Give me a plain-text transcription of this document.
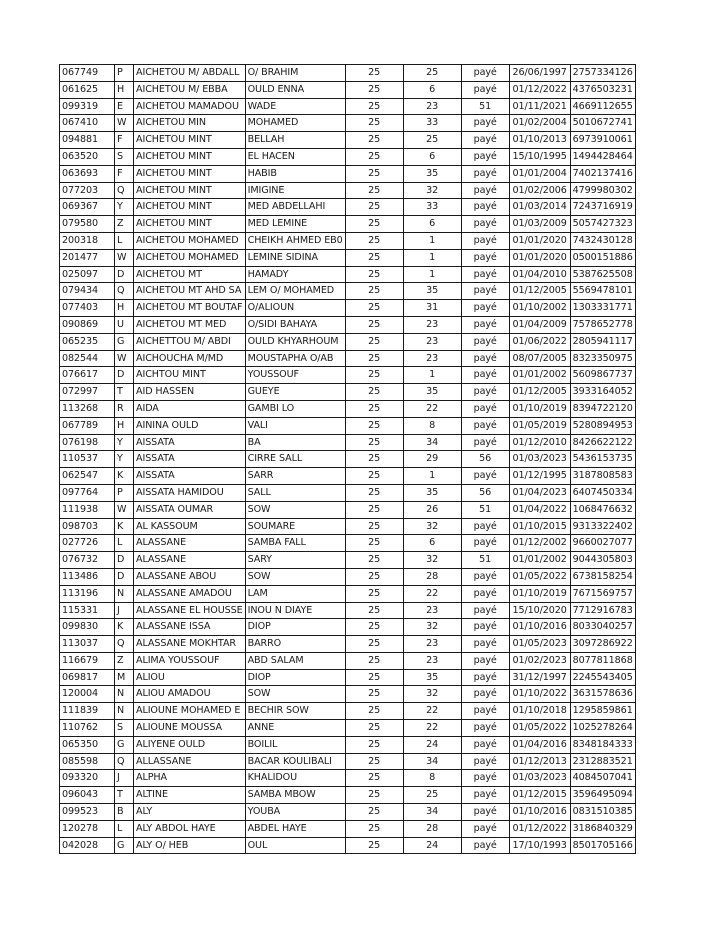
067749	P	AICHETOU M/ ABDALL	O/ BRAHIM	25	25	payé	26/06/1997	2757334126
061625	H	AICHETOU M/ EBBA	OULD ENNA	25	6	payé	01/12/2022	4376503231
099319	E	AICHETOU MAMADOU	WADE	25	23	51	01/11/2021	4669112655
067410	W	AICHETOU MIN	MOHAMED	25	33	payé	01/02/2004	5010672741
094881	F	AICHETOU MINT	BELLAH	25	25	payé	01/10/2013	6973910061
063520	S	AICHETOU MINT	EL HACEN	25	6	payé	15/10/1995	1494428464
063693	F	AICHETOU MINT	HABIB	25	35	payé	01/01/2004	7402137416
077203	Q	AICHETOU MINT	IMIGINE	25	32	payé	01/02/2006	4799980302
069367	Y	AICHETOU MINT	MED ABDELLAHI	25	33	payé	01/03/2014	7243716919
079580	Z	AICHETOU MINT	MED LEMINE	25	6	payé	01/03/2009	5057427323
200318	L	AICHETOU MOHAMED	CHEIKH AHMED EB0	25	1	payé	01/01/2020	7432430128
201477	W	AICHETOU MOHAMED	LEMINE SIDINA	25	1	payé	01/01/2020	0500151886
025097	D	AICHETOU MT	HAMADY	25	1	payé	01/04/2010	5387625508
079434	Q	AICHETOU MT AHD SA	LEM O/ MOHAMED	25	35	payé	01/12/2005	5569478101
077403	H	AICHETOU MT BOUTAF	O/ALIOUN	25	31	payé	01/10/2002	1303331771
090869	U	AICHETOU MT MED	O/SIDI BAHAYA	25	23	payé	01/04/2009	7578652778
065235	G	AICHETTOU M/ ABDI	OULD KHYARHOUM	25	23	payé	01/06/2022	2805941117
082544	W	AICHOUCHA M/MD	MOUSTAPHA O/AB	25	23	payé	08/07/2005	8323350975
076617	D	AICHTOU MINT	YOUSSOUF	25	1	payé	01/01/2002	5609867737
072997	T	AID HASSEN	GUEYE	25	35	payé	01/12/2005	3933164052
113268	R	AIDA	GAMBI LO	25	22	payé	01/10/2019	8394722120
067789	H	AININA OULD	VALI	25	8	payé	01/05/2019	5280894953
076198	Y	AISSATA	BA	25	34	payé	01/12/2010	8426622122
110537	Y	AISSATA	CIRRE SALL	25	29	56	01/03/2023	5436153735
062547	K	AISSATA	SARR	25	1	payé	01/12/1995	3187808583
097764	P	AISSATA HAMIDOU	SALL	25	35	56	01/04/2023	6407450334
111938	W	AISSATA OUMAR	SOW	25	26	51	01/04/2022	1068476632
098703	K	AL KASSOUM	SOUMARE	25	32	payé	01/10/2015	9313322402
027726	L	ALASSANE	SAMBA FALL	25	6	payé	01/12/2002	9660027077
076732	D	ALASSANE	SARY	25	32	51	01/01/2002	9044305803
113486	D	ALASSANE ABOU	SOW	25	28	payé	01/05/2022	6738158254
113196	N	ALASSANE AMADOU	LAM	25	22	payé	01/10/2019	7671569757
115331	J	ALASSANE EL HOUSSE	INOU N DIAYE	25	23	payé	15/10/2020	7712916783
099830	K	ALASSANE ISSA	DIOP	25	32	payé	01/10/2016	8033040257
113037	Q	ALASSANE MOKHTAR	BARRO	25	23	payé	01/05/2023	3097286922
116679	Z	ALIMA YOUSSOUF	ABD SALAM	25	23	payé	01/02/2023	8077811868
069817	M	ALIOU	DIOP	25	35	payé	31/12/1997	2245543405
120004	N	ALIOU AMADOU	SOW	25	32	payé	01/10/2022	3631578636
111839	N	ALIOUNE MOHAMED E	BECHIR SOW	25	22	payé	01/10/2018	1295859861
110762	S	ALIOUNE MOUSSA	ANNE	25	22	payé	01/05/2022	1025278264
065350	G	ALIYENE OULD	BOILIL	25	24	payé	01/04/2016	8348184333
085598	Q	ALLASSANE	BACAR KOULIBALI	25	34	payé	01/12/2013	2312883521
093320	J	ALPHA	KHALIDOU	25	8	payé	01/03/2023	4084507041
096043	T	ALTINE	SAMBA MBOW	25	25	payé	01/12/2015	3596495094
099523	B	ALY	YOUBA	25	34	payé	01/10/2016	0831510385
120278	L	ALY ABDOL HAYE	ABDEL HAYE	25	28	payé	01/12/2022	3186840329
042028	G	ALY O/ HEB	OUL	25	24	payé	17/10/1993	8501705166
